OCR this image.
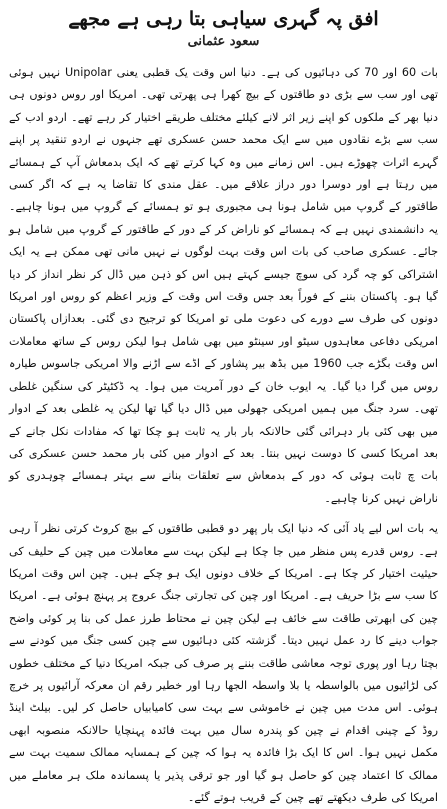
افق پہ گہری سیاہی بتا رہی ہے مجھے
سعود عثمانی

بات 60 اور 70 کی دہائیوں کی ہے۔ دنیا اس وقت یک قطبی یعنی Unipolar نہیں ہوئی تھی اور سب سے بڑی دو طاقتوں کے بیچ کھرا ہی پھرتی تھی۔ امریکا اور روس دونوں ہی دنیا بھر کے ملکوں کو اپنے زیر اثر لانے کیلئے مختلف طریقے اختیار کر رہے تھے۔ اردو ادب کے سب سے بڑے نقادوں میں سے ایک محمد حسن عسکری تھے جنہوں نے اردو تنقید پر اپنے گہرے اثرات چھوڑے ہیں۔ اس زمانے میں وہ کہا کرتے تھے کہ ایک بدمعاش آپ کے ہمسائے میں رہتا ہے اور دوسرا دور دراز علاقے میں۔ عقل مندی کا تقاضا یہ ہے کہ اگر کسی طاقتور کے گروپ میں شامل ہونا ہی مجبوری ہو تو ہمسائے کے گروپ میں ہونا چاہیے۔ یہ دانشمندی نہیں ہے کہ ہمسائے کو ناراض کر کے دور کے طاقتور کے گروپ میں شامل ہو جائے۔ عسکری صاحب کی بات اس وقت بہت لوگوں نے نہیں مانی تھی ممکن ہے یہ ایک اشتراکی کو چہ گرد کی سوچ جیسے کہتے ہیں اس کو ذہن میں ڈال کر نظر انداز کر دیا گیا ہو۔ پاکستان بننے کے فوراً بعد جس وقت اس وقت کے وزیر اعظم کو روس اور امریکا دونوں کی طرف سے دورے کی دعوت ملی تو امریکا کو ترجیح دی گئی۔ بعدازاں پاکستان امریکی دفاعی معاہدوں سیٹو اور سینٹو میں بھی شامل ہوا لیکن روس کے ساتھ معاملات اس وقت بگڑے جب 1960 میں بڈھ بیر پشاور کے اڈے سے اڑنے والا امریکی جاسوس طیارہ روس میں گرا دیا گیا۔ یہ ایوب خان کے دور آمریت میں ہوا۔ یہ ڈکٹیٹر کی سنگین غلطی تھی۔ سرد جنگ میں ہمیں امریکی جھولی میں ڈال دیا گیا تھا لیکن یہ غلطی بعد کے ادوار میں بھی کئی بار دہرائی گئی حالانکہ بار بار یہ ثابت ہو چکا تھا کہ مفادات نکل جانے کے بعد امریکا کسی کا دوست نہیں بنتا۔ بعد کے ادوار میں کئی بار محمد حسن عسکری کی بات چ ثابت ہوئی کہ دور کے بدمعاش سے تعلقات بنانے سے بہتر ہمسائے چوہدری کو ناراض نہیں کرنا چاہیے۔

یہ بات اس لیے یاد آئی کہ دنیا ایک بار پھر دو قطبی طاقتوں کے بیچ کروٹ کرتی نظر آ رہی ہے۔ روس قدرے پس منظر میں جا چکا ہے لیکن بہت سے معاملات میں چین کے حلیف کی حیثیت اختیار کر چکا ہے۔ امریکا کے خلاف دونوں ایک ہو چکے ہیں۔ چین اس وقت امریکا کا سب سے بڑا حریف ہے۔ امریکا اور چین کی تجارتی جنگ عروج پر پہنچ ہوئی ہے۔ امریکا چین کی ابھرتی طاقت سے خائف ہے لیکن چین نے محتاط طرز عمل کی بنا پر کوئی واضح جواب دینے کا رد عمل نہیں دیتا۔ گزشتہ کئی دہائیوں سے چین کسی جنگ میں کودنے سے بچتا رہا اور پوری توجہ معاشی طاقت بننے پر صرف کی جبکہ امریکا دنیا کے مختلف خطوں کی لڑائیوں میں بالواسطہ یا بلا واسطہ الجھا رہا اور خطیر رقم ان معرکہ آرائیوں پر خرچ ہوئی۔ اس مدت میں چین نے خاموشی سے بہت سی کامیابیاں حاصل کر لیں۔ بیلٹ اینڈ روڈ کے چینی اقدام نے چین کو پندرہ سال میں بہت فائدہ پہنچایا حالانکہ منصوبہ ابھی مکمل نہیں ہوا۔ اس کا ایک بڑا فائدہ یہ ہوا کہ چین کے ہمسایہ ممالک سمیت بہت سے ممالک کا اعتماد چین کو حاصل ہو گیا اور جو ترقی پذیر یا پسماندہ ملک ہر معاملے میں امریکا کی طرف دیکھتے تھے چین کے قریب ہوتے گئے۔
